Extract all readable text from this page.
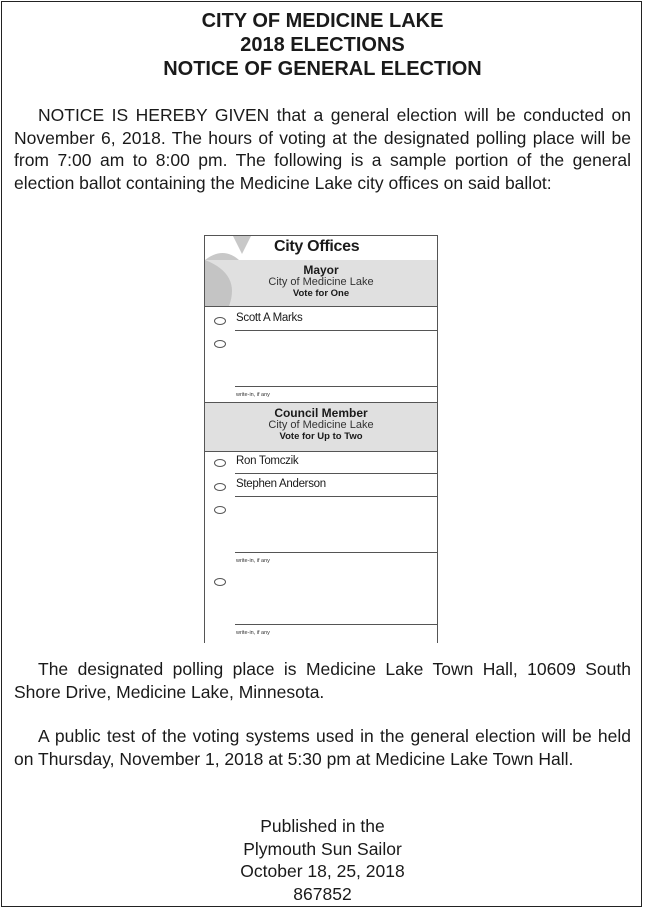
CITY OF MEDICINE LAKE
2018 ELECTIONS
NOTICE OF GENERAL ELECTION

NOTICE IS HEREBY GIVEN that a general election will be conducted on November 6, 2018. The hours of voting at the designated polling place will be from 7:00 am to 8:00 pm. The following is a sample portion of the general election ballot containing the Medicine Lake city offices on said ballot:

City Offices
Mayor
City of Medicine Lake
Vote for One
Scott A Marks
write-in, if any
Council Member
City of Medicine Lake
Vote for Up to Two
Ron Tomczik
Stephen Anderson
write-in, if any
write-in, if any

The designated polling place is Medicine Lake Town Hall, 10609 South Shore Drive, Medicine Lake, Minnesota.

A public test of the voting systems used in the general election will be held on Thursday, November 1, 2018 at 5:30 pm at Medicine Lake Town Hall.

Published in the
Plymouth Sun Sailor
October 18, 25, 2018
867852
